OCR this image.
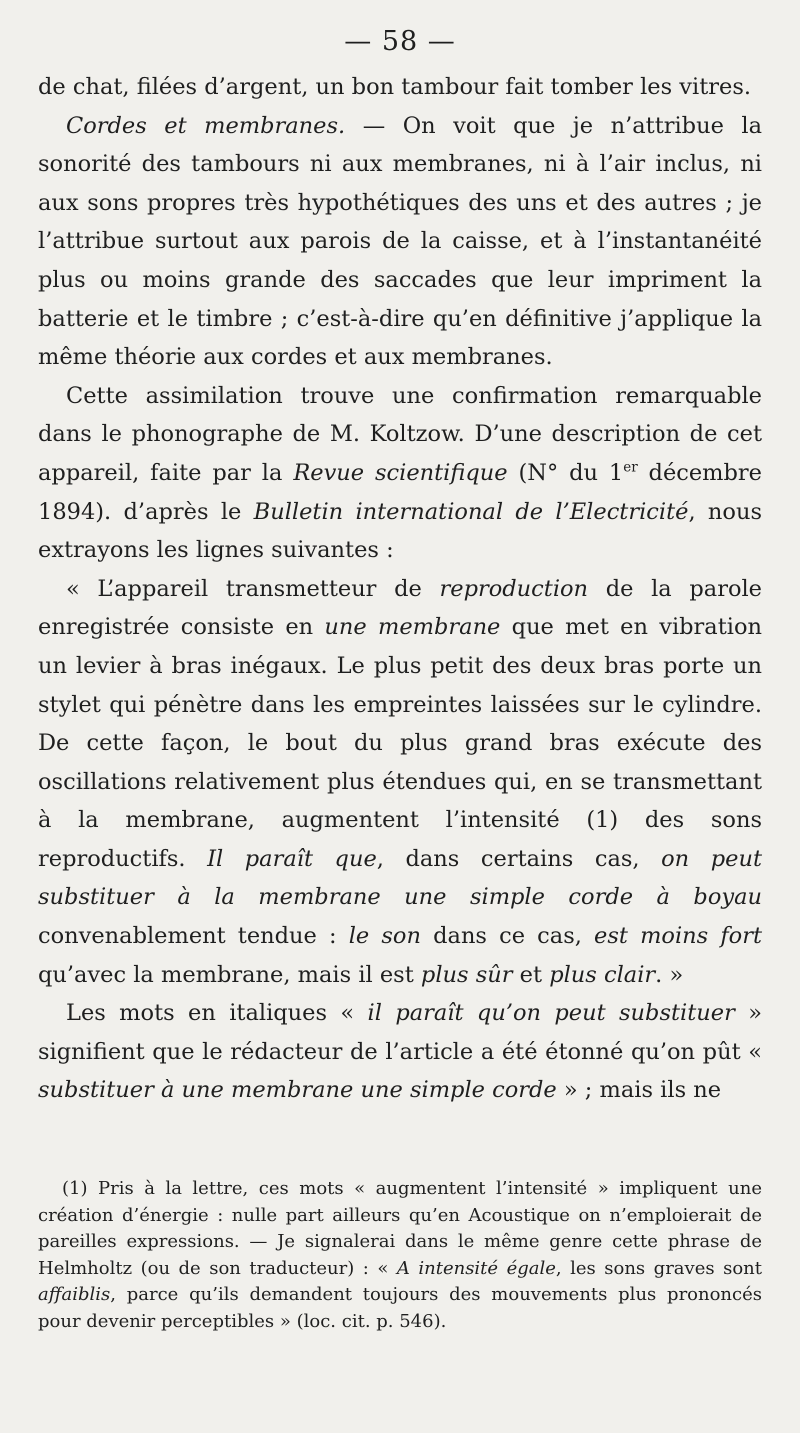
— 58 —

de chat, filées d’argent, un bon tambour fait tomber les vitres.

Cordes et membranes. — On voit que je n’attribue la sonorité des tambours ni aux membranes, ni à l’air inclus, ni aux sons propres très hypothétiques des uns et des autres ; je l’attribue surtout aux parois de la caisse, et à l’instantanéité plus ou moins grande des saccades que leur impriment la batterie et le timbre ; c’est-à-dire qu’en définitive j’applique la même théorie aux cordes et aux membranes.

Cette assimilation trouve une confirmation remarquable dans le phonographe de M. Koltzow. D’une description de cet appareil, faite par la Revue scientifique (N° du 1er décembre 1894). d’après le Bulletin international de l’Electricité, nous extrayons les lignes suivantes :

« L’appareil transmetteur de reproduction de la parole enregistrée consiste en une membrane que met en vibration un levier à bras inégaux. Le plus petit des deux bras porte un stylet qui pénètre dans les empreintes laissées sur le cylindre. De cette façon, le bout du plus grand bras exécute des oscillations relativement plus étendues qui, en se transmettant à la membrane, augmentent l’intensité (1) des sons reproductifs. Il paraît que, dans certains cas, on peut substituer à la membrane une simple corde à boyau convenablement tendue : le son dans ce cas, est moins fort qu’avec la membrane, mais il est plus sûr et plus clair. »

Les mots en italiques « il paraît qu’on peut substituer » signifient que le rédacteur de l’article a été étonné qu’on pût « substituer à une membrane une simple corde » ; mais ils ne

(1) Pris à la lettre, ces mots « augmentent l’intensité » impliquent une création d’énergie : nulle part ailleurs qu’en Acoustique on n’emploierait de pareilles expressions. — Je signalerai dans le même genre cette phrase de Helmholtz (ou de son traducteur) : « A intensité égale, les sons graves sont affaiblis, parce qu’ils demandent toujours des mouvements plus prononcés pour devenir perceptibles » (loc. cit. p. 546).
